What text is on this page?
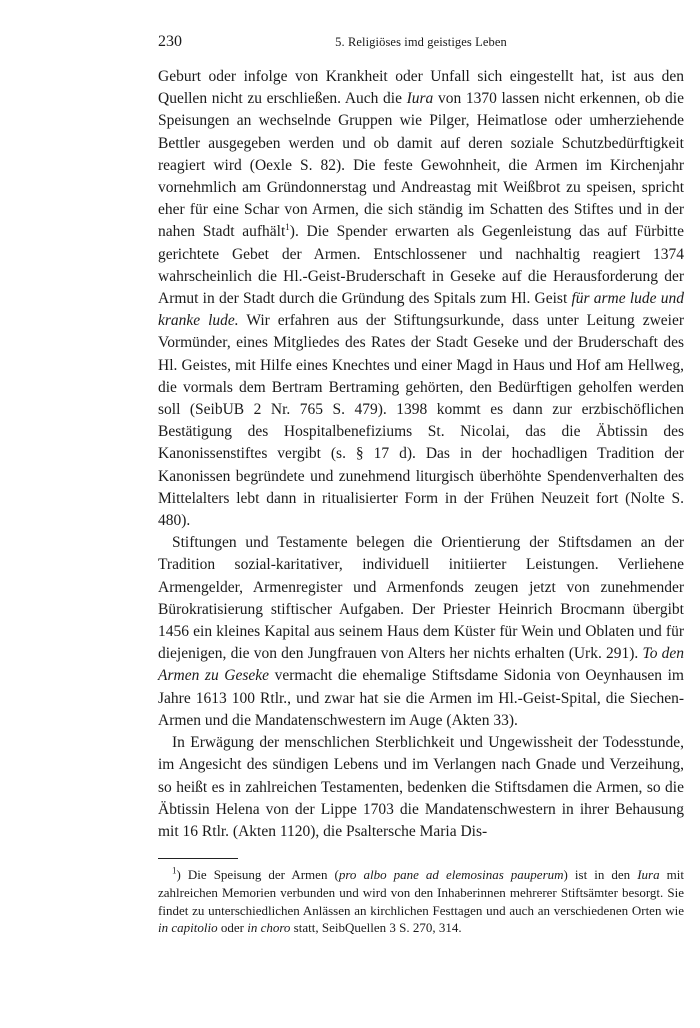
230	5. Religiöses imd geistiges Leben

Geburt oder infolge von Krankheit oder Unfall sich eingestellt hat, ist aus den Quellen nicht zu erschließen. Auch die Iura von 1370 lassen nicht erkennen, ob die Speisungen an wechselnde Gruppen wie Pilger, Heimatlose oder umherziehende Bettler ausgegeben werden und ob damit auf deren soziale Schutzbedürftigkeit reagiert wird (Oexle S. 82). Die feste Gewohnheit, die Armen im Kirchenjahr vornehmlich am Gründonnerstag und Andreastag mit Weißbrot zu speisen, spricht eher für eine Schar von Armen, die sich ständig im Schatten des Stiftes und in der nahen Stadt aufhält$^1$). Die Spender erwarten als Gegenleistung das auf Fürbitte gerichtete Gebet der Armen. Entschlossener und nachhaltig reagiert 1374 wahrscheinlich die Hl.-Geist-Bruderschaft in Geseke auf die Herausforderung der Armut in der Stadt durch die Gründung des Spitals zum Hl. Geist für arme lude und kranke lude. Wir erfahren aus der Stiftungsurkunde, dass unter Leitung zweier Vormünder, eines Mitgliedes des Rates der Stadt Geseke und der Bruderschaft des Hl. Geistes, mit Hilfe eines Knechtes und einer Magd in Haus und Hof am Hellweg, die vormals dem Bertram Bertraming gehörten, den Bedürftigen geholfen werden soll (SeibUB 2 Nr. 765 S. 479). 1398 kommt es dann zur erzbischöflichen Bestätigung des Hospitalbenefiziums St. Nicolai, das die Äbtissin des Kanonissenstiftes vergibt (s. § 17 d). Das in der hochadligen Tradition der Kanonissen begründete und zunehmend liturgisch überhöhte Spendenverhalten des Mittelalters lebt dann in ritualisierter Form in der Frühen Neuzeit fort (Nolte S. 480).

Stiftungen und Testamente belegen die Orientierung der Stiftsdamen an der Tradition sozial-karitativer, individuell initiierter Leistungen. Verliehene Armengelder, Armenregister und Armenfonds zeugen jetzt von zunehmender Bürokratisierung stiftischer Aufgaben. Der Priester Heinrich Brocmann übergibt 1456 ein kleines Kapital aus seinem Haus dem Küster für Wein und Oblaten und für diejenigen, die von den Jungfrauen von Alters her nichts erhalten (Urk. 291). To den Armen zu Geseke vermacht die ehemalige Stiftsdame Sidonia von Oeynhausen im Jahre 1613 100 Rtlr., und zwar hat sie die Armen im Hl.-Geist-Spital, die Siechen-Armen und die Mandatenschwestern im Auge (Akten 33).

In Erwägung der menschlichen Sterblichkeit und Ungewissheit der Todesstunde, im Angesicht des sündigen Lebens und im Verlangen nach Gnade und Verzeihung, so heißt es in zahlreichen Testamenten, bedenken die Stiftsdamen die Armen, so die Äbtissin Helena von der Lippe 1703 die Mandatenschwestern in ihrer Behausung mit 16 Rtlr. (Akten 1120), die Psaltersche Maria Dis-

$^1$) Die Speisung der Armen (pro albo pane ad elemosinas pauperum) ist in den Iura mit zahlreichen Memorien verbunden und wird von den Inhaberinnen mehrerer Stiftsämter besorgt. Sie findet zu unterschiedlichen Anlässen an kirchlichen Festtagen und auch an verschiedenen Orten wie in capitolio oder in choro statt, SeibQuellen 3 S. 270, 314.
